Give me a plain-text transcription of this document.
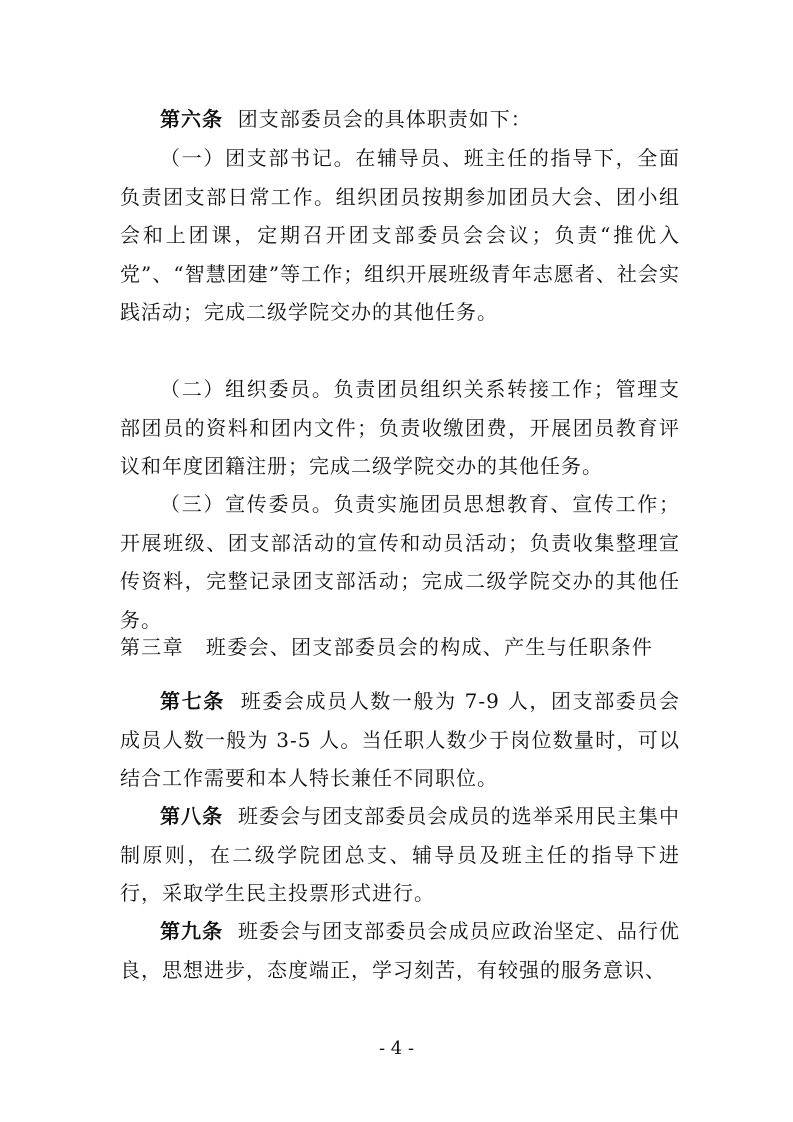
第六条 团支部委员会的具体职责如下：

（一）团支部书记。在辅导员、班主任的指导下，全面负责团支部日常工作。组织团员按期参加团员大会、团小组会和上团课，定期召开团支部委员会会议；负责“推优入党”、“智慧团建”等工作；组织开展班级青年志愿者、社会实践活动；完成二级学院交办的其他任务。

（二）组织委员。负责团员组织关系转接工作；管理支部团员的资料和团内文件；负责收缴团费，开展团员教育评议和年度团籍注册；完成二级学院交办的其他任务。

（三）宣传委员。负责实施团员思想教育、宣传工作；开展班级、团支部活动的宣传和动员活动；负责收集整理宣传资料，完整记录团支部活动；完成二级学院交办的其他任务。

第三章 班委会、团支部委员会的构成、产生与任职条件

第七条 班委会成员人数一般为 7-9 人，团支部委员会成员人数一般为 3-5 人。当任职人数少于岗位数量时，可以结合工作需要和本人特长兼任不同职位。

第八条 班委会与团支部委员会成员的选举采用民主集中制原则，在二级学院团总支、辅导员及班主任的指导下进行，采取学生民主投票形式进行。

第九条 班委会与团支部委员会成员应政治坚定、品行优良，思想进步，态度端正，学习刻苦，有较强的服务意识、

- 4 -
